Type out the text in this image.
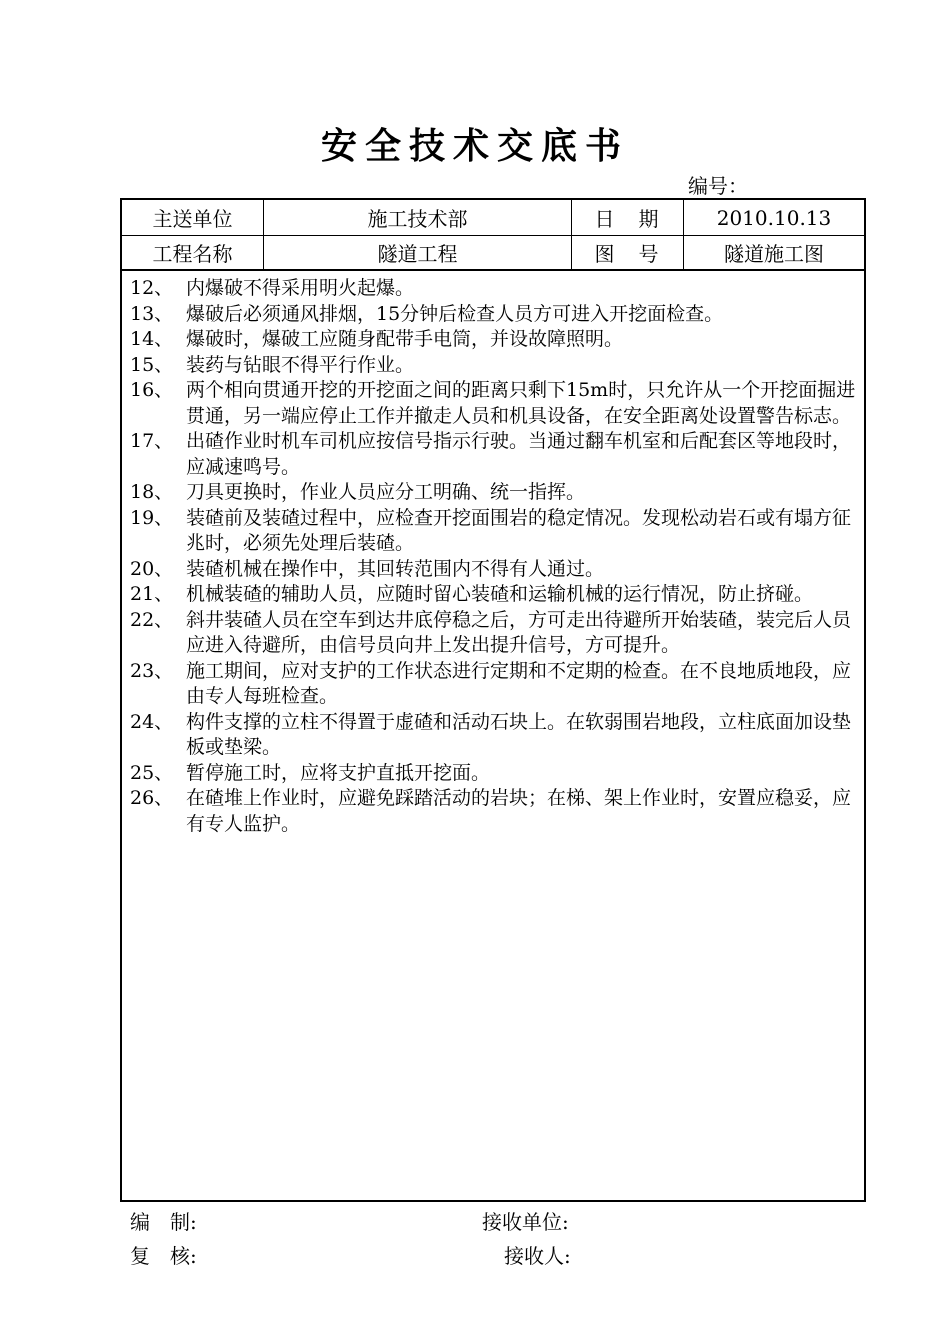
安全技术交底书
编号：
主送单位	施工技术部	日　期	2010.10.13
工程名称	隧道工程	图　号	隧道施工图
12、 内爆破不得采用明火起爆。
13、 爆破后必须通风排烟，15分钟后检查人员方可进入开挖面检查。
14、 爆破时，爆破工应随身配带手电筒，并设故障照明。
15、 装药与钻眼不得平行作业。
16、 两个相向贯通开挖的开挖面之间的距离只剩下15m时，只允许从一个开挖面掘进贯通，另一端应停止工作并撤走人员和机具设备，在安全距离处设置警告标志。
17、 出碴作业时机车司机应按信号指示行驶。当通过翻车机室和后配套区等地段时，应减速鸣号。
18、 刀具更换时，作业人员应分工明确、统一指挥。
19、 装碴前及装碴过程中，应检查开挖面围岩的稳定情况。发现松动岩石或有塌方征兆时，必须先处理后装碴。
20、 装碴机械在操作中，其回转范围内不得有人通过。
21、 机械装碴的辅助人员，应随时留心装碴和运输机械的运行情况，防止挤碰。
22、 斜井装碴人员在空车到达井底停稳之后，方可走出待避所开始装碴，装完后人员应进入待避所，由信号员向井上发出提升信号，方可提升。
23、 施工期间，应对支护的工作状态进行定期和不定期的检查。在不良地质地段，应由专人每班检查。
24、 构件支撑的立柱不得置于虚碴和活动石块上。在软弱围岩地段，立柱底面加设垫板或垫梁。
25、 暂停施工时，应将支护直抵开挖面。
26、 在碴堆上作业时，应避免踩踏活动的岩块；在梯、架上作业时，安置应稳妥，应有专人监护。
编　制:	接收单位:
复　核:	接收人:
